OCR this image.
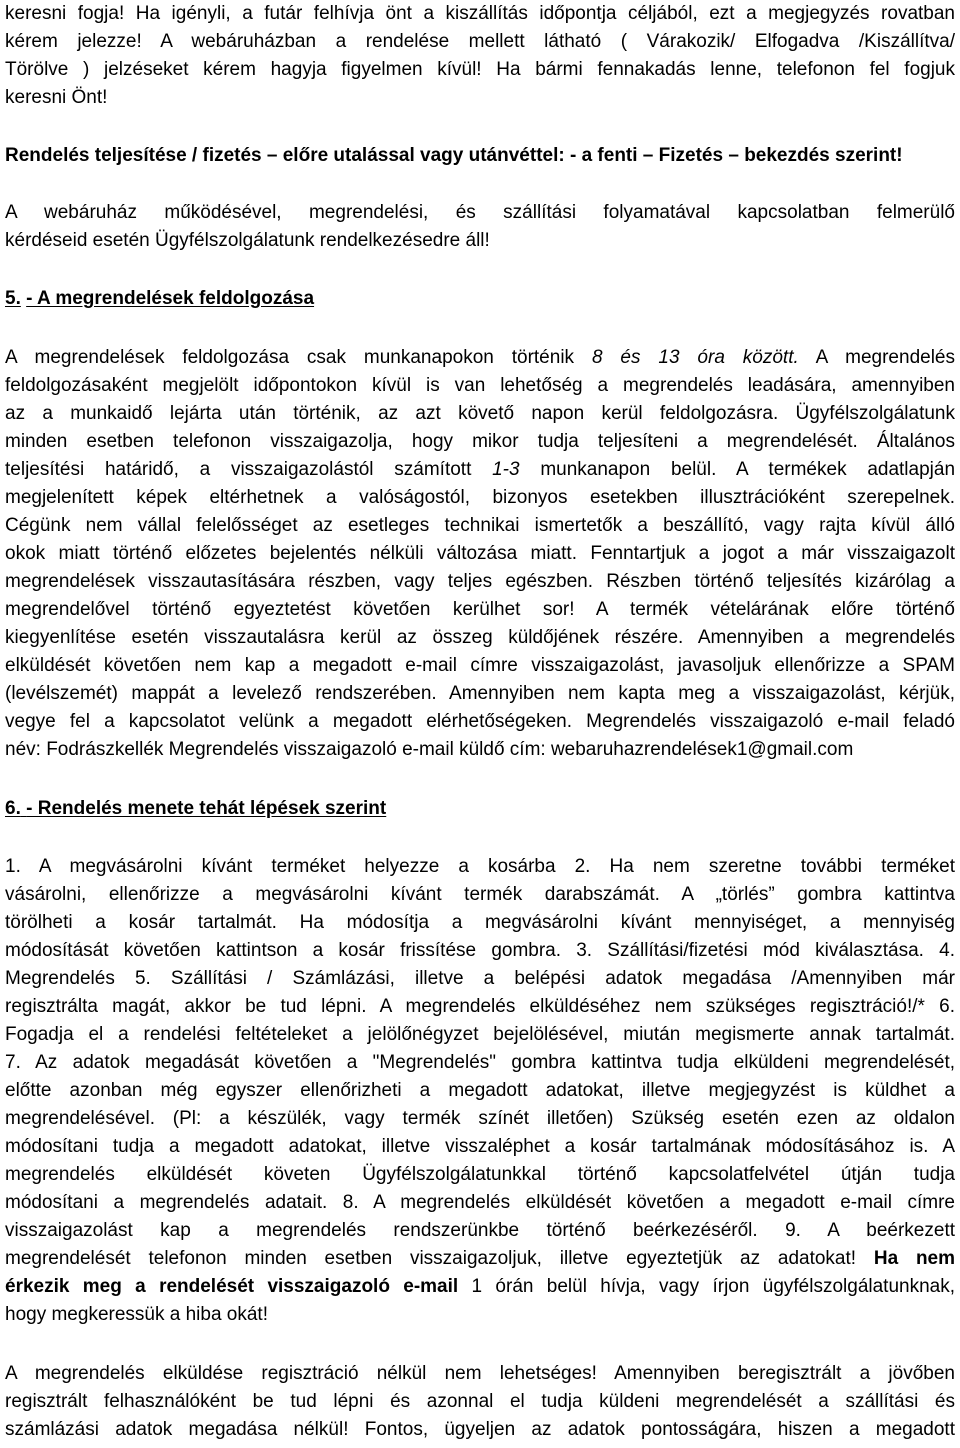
keresni fogja! Ha igényli, a futár felhívja önt a kiszállítás időpontja céljából, ezt a megjegyzés rovatban
kérem jelezze! A webáruházban a rendelése mellett látható ( Várakozik/ Elfogadva /Kiszállítva/
Törölve ) jelzéseket kérem hagyja figyelmen kívül! Ha bármi fennakadás lenne, telefonon fel fogjuk
keresni Önt!
Rendelés teljesítése / fizetés – előre utalással vagy utánvéttel: - a fenti – Fizetés – bekezdés szerint!
A webáruház működésével, megrendelési, és szállítási folyamatával kapcsolatban felmerülő
kérdéseid esetén Ügyfélszolgálatunk rendelkezésedre áll!
5. - A megrendelések feldolgozása
A megrendelések feldolgozása csak munkanapokon történik 8 és 13 óra között. A megrendelés
feldolgozásaként megjelölt időpontokon kívül is van lehetőség a megrendelés leadására, amennyiben
az a munkaidő lejárta után történik, az azt követő napon kerül feldolgozásra. Ügyfélszolgálatunk
minden esetben telefonon visszaigazolja, hogy mikor tudja teljesíteni a megrendelését. Általános
teljesítési határidő, a visszaigazolástól számított 1-3 munkanapon belül. A termékek adatlapján
megjelenített képek eltérhetnek a valóságostól, bizonyos esetekben illusztrációként szerepelnek.
Cégünk nem vállal felelősséget az esetleges technikai ismertetők a beszállító, vagy rajta kívül álló
okok miatt történő előzetes bejelentés nélküli változása miatt. Fenntartjuk a jogot a már visszaigazolt
megrendelések visszautasítására részben, vagy teljes egészben. Részben történő teljesítés kizárólag a
megrendelővel történő egyeztetést követően kerülhet sor! A termék vételárának előre történő
kiegyenlítése esetén visszautalásra kerül az összeg küldőjének részére. Amennyiben a megrendelés
elküldését követően nem kap a megadott e-mail címre visszaigazolást, javasoljuk ellenőrizze a SPAM
(levélszemét) mappát a levelező rendszerében. Amennyiben nem kapta meg a visszaigazolást, kérjük,
vegye fel a kapcsolatot velünk a megadott elérhetőségeken. Megrendelés visszaigazoló e-mail feladó
név: Fodrászkellék Megrendelés visszaigazoló e-mail küldő cím: webaruhazrendelések1@gmail.com
6. - Rendelés menete tehát lépések szerint
1. A megvásárolni kívánt terméket helyezze a kosárba 2. Ha nem szeretne további terméket
vásárolni, ellenőrizze a megvásárolni kívánt termék darabszámát. A „törlés” gombra kattintva
törölheti a kosár tartalmát. Ha módosítja a megvásárolni kívánt mennyiséget, a mennyiség
módosítását követően kattintson a kosár frissítése gombra. 3. Szállítási/fizetési mód kiválasztása. 4.
Megrendelés 5. Szállítási / Számlázási, illetve a belépési adatok megadása /Amennyiben már
regisztrálta magát, akkor be tud lépni. A megrendelés elküldéséhez nem szükséges regisztráció!/* 6.
Fogadja el a rendelési feltételeket a jelölőnégyzet bejelölésével, miután megismerte annak tartalmát.
7. Az adatok megadását követően a "Megrendelés" gombra kattintva tudja elküldeni megrendelését,
előtte azonban még egyszer ellenőrizheti a megadott adatokat, illetve megjegyzést is küldhet a
megrendelésével. (Pl: a készülék, vagy termék színét illetően) Szükség esetén ezen az oldalon
módosítani tudja a megadott adatokat, illetve visszaléphet a kosár tartalmának módosításához is. A
megrendelés elküldését követen Ügyfélszolgálatunkkal történő kapcsolatfelvétel útján tudja
módosítani a megrendelés adatait. 8. A megrendelés elküldését követően a megadott e-mail címre
visszaigazolást kap a megrendelés rendszerünkbe történő beérkezéséről. 9. A beérkezett
megrendelését telefonon minden esetben visszaigazoljuk, illetve egyeztetjük az adatokat! Ha nem
érkezik meg a rendelését visszaigazoló e-mail 1 órán belül hívja, vagy írjon ügyfélszolgálatunknak,
hogy megkeressük a hiba okát!
A megrendelés elküldése regisztráció nélkül nem lehetséges! Amennyiben beregisztrált a jövőben
regisztrált felhasználóként be tud lépni és azonnal el tudja küldeni megrendelését a szállítási és
számlázási adatok megadása nélkül! Fontos, ügyeljen az adatok pontosságára, hiszen a megadott
